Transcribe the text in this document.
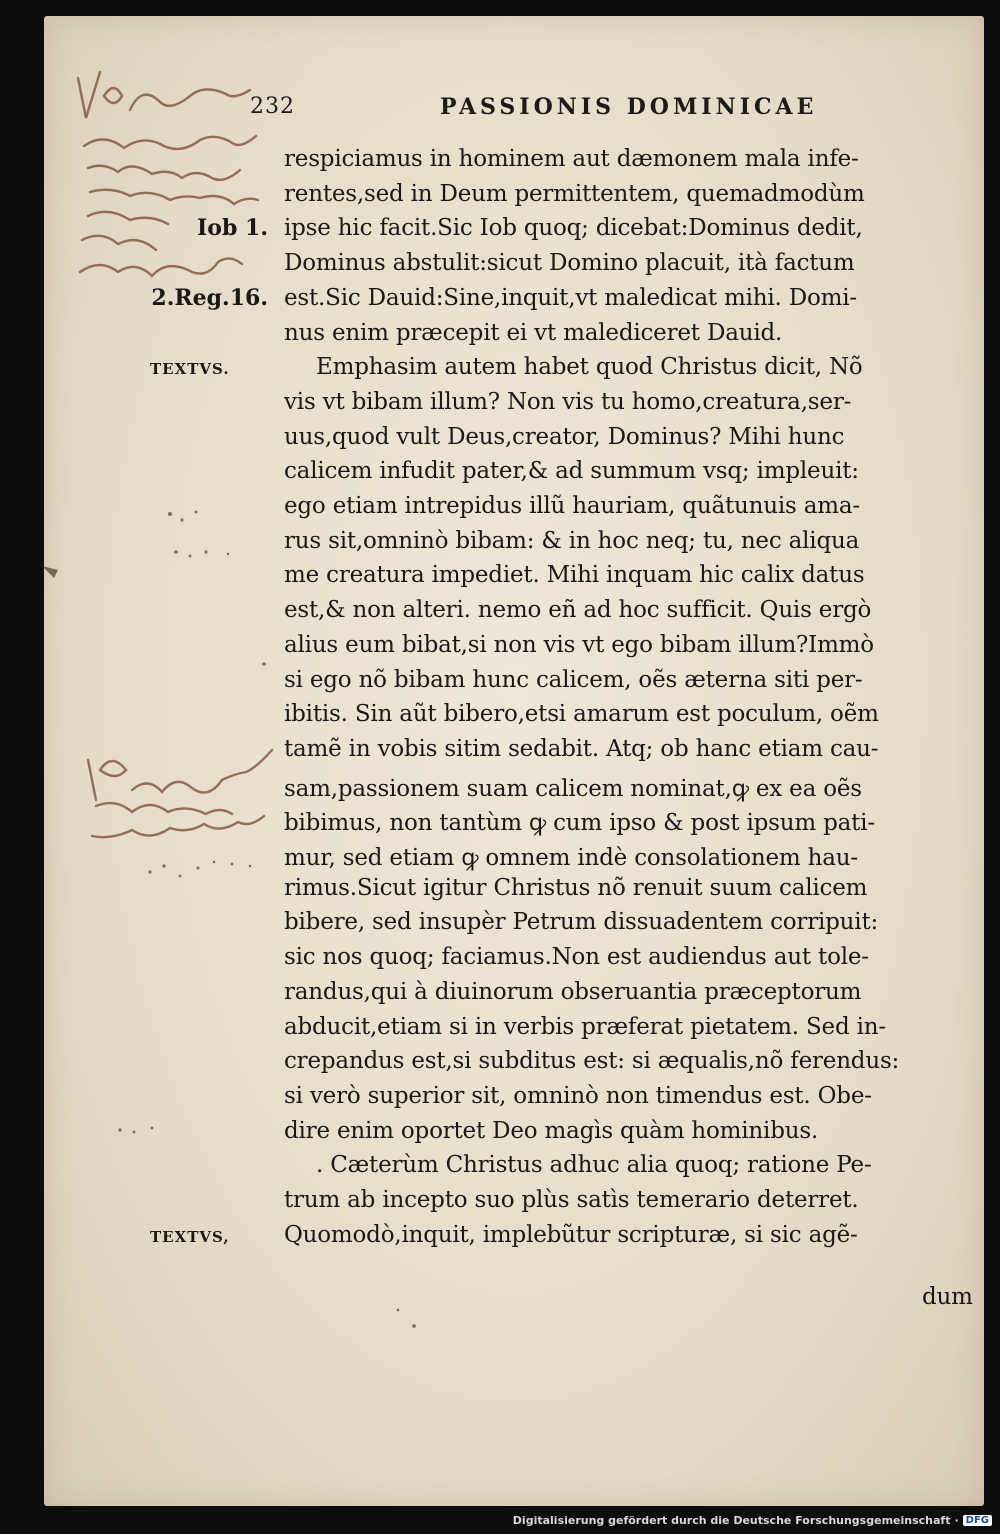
232	PASSIONIS DOMINICAE
respiciamus in hominem aut dæmonem mala infe-
rentes,sed in Deum permittentem, quemadmodùm
Iob 1. ipse hic facit.Sic Iob quoq; dicebat:Dominus dedit,
Dominus abstulit:sicut Domino placuit, ità factum
2.Reg.16. est.Sic Dauid:Sine,inquit,vt maledicat mihi. Domi-
nus enim præcepit ei vt malediceret Dauid.
TEXTVS.	Emphasim autem habet quod Christus dicit, Nõ
vis vt bibam illum? Non vis tu homo,creatura,ser-
uus,quod vult Deus,creator, Dominus? Mihi hunc
calicem infudit pater,& ad summum vsq; impleuit:
ego etiam intrepidus illũ hauriam, quãtunuis ama-
rus sit,omninò bibam: & in hoc neq; tu, nec aliqua
me creatura impediet. Mihi inquam hic calix datus
est,& non alteri. nemo eñ ad hoc sufficit. Quis ergò
alius eum bibat,si non vis vt ego bibam illum?Immò
si ego nõ bibam hunc calicem, oẽs æterna siti per-
ibitis. Sin aũt bibero,etsi amarum est poculum, oẽm
tamẽ in vobis sitim sedabit. Atq; ob hanc etiam cau-
sam,passionem suam calicem nominat,ꝙ ex ea oẽs
bibimus, non tantùm ꝙ cum ipso & post ipsum pati-
mur, sed etiam ꝙ omnem indè consolationem hau-
rimus.Sicut igitur Christus nõ renuit suum calicem
bibere, sed insupèr Petrum dissuadentem corripuit:
sic nos quoq; faciamus.Non est audiendus aut tole-
randus,qui à diuinorum obseruantia præceptorum
abducit,etiam si in verbis præferat pietatem. Sed in-
crepandus est,si subditus est: si æqualis,nõ ferendus:
si verò superior sit, omninò non timendus est. Obe-
dire enim oportet Deo magìs quàm hominibus.
. Cæterùm Christus adhuc alia quoq; ratione Pe-
trum ab incepto suo plùs satìs temerario deterret.
TEXTVS,	Quomodò,inquit, implebũtur scripturæ, si sic agẽ-
dum
Digitalisierung gefördert durch die Deutsche Forschungsgemeinschaft · DFG
